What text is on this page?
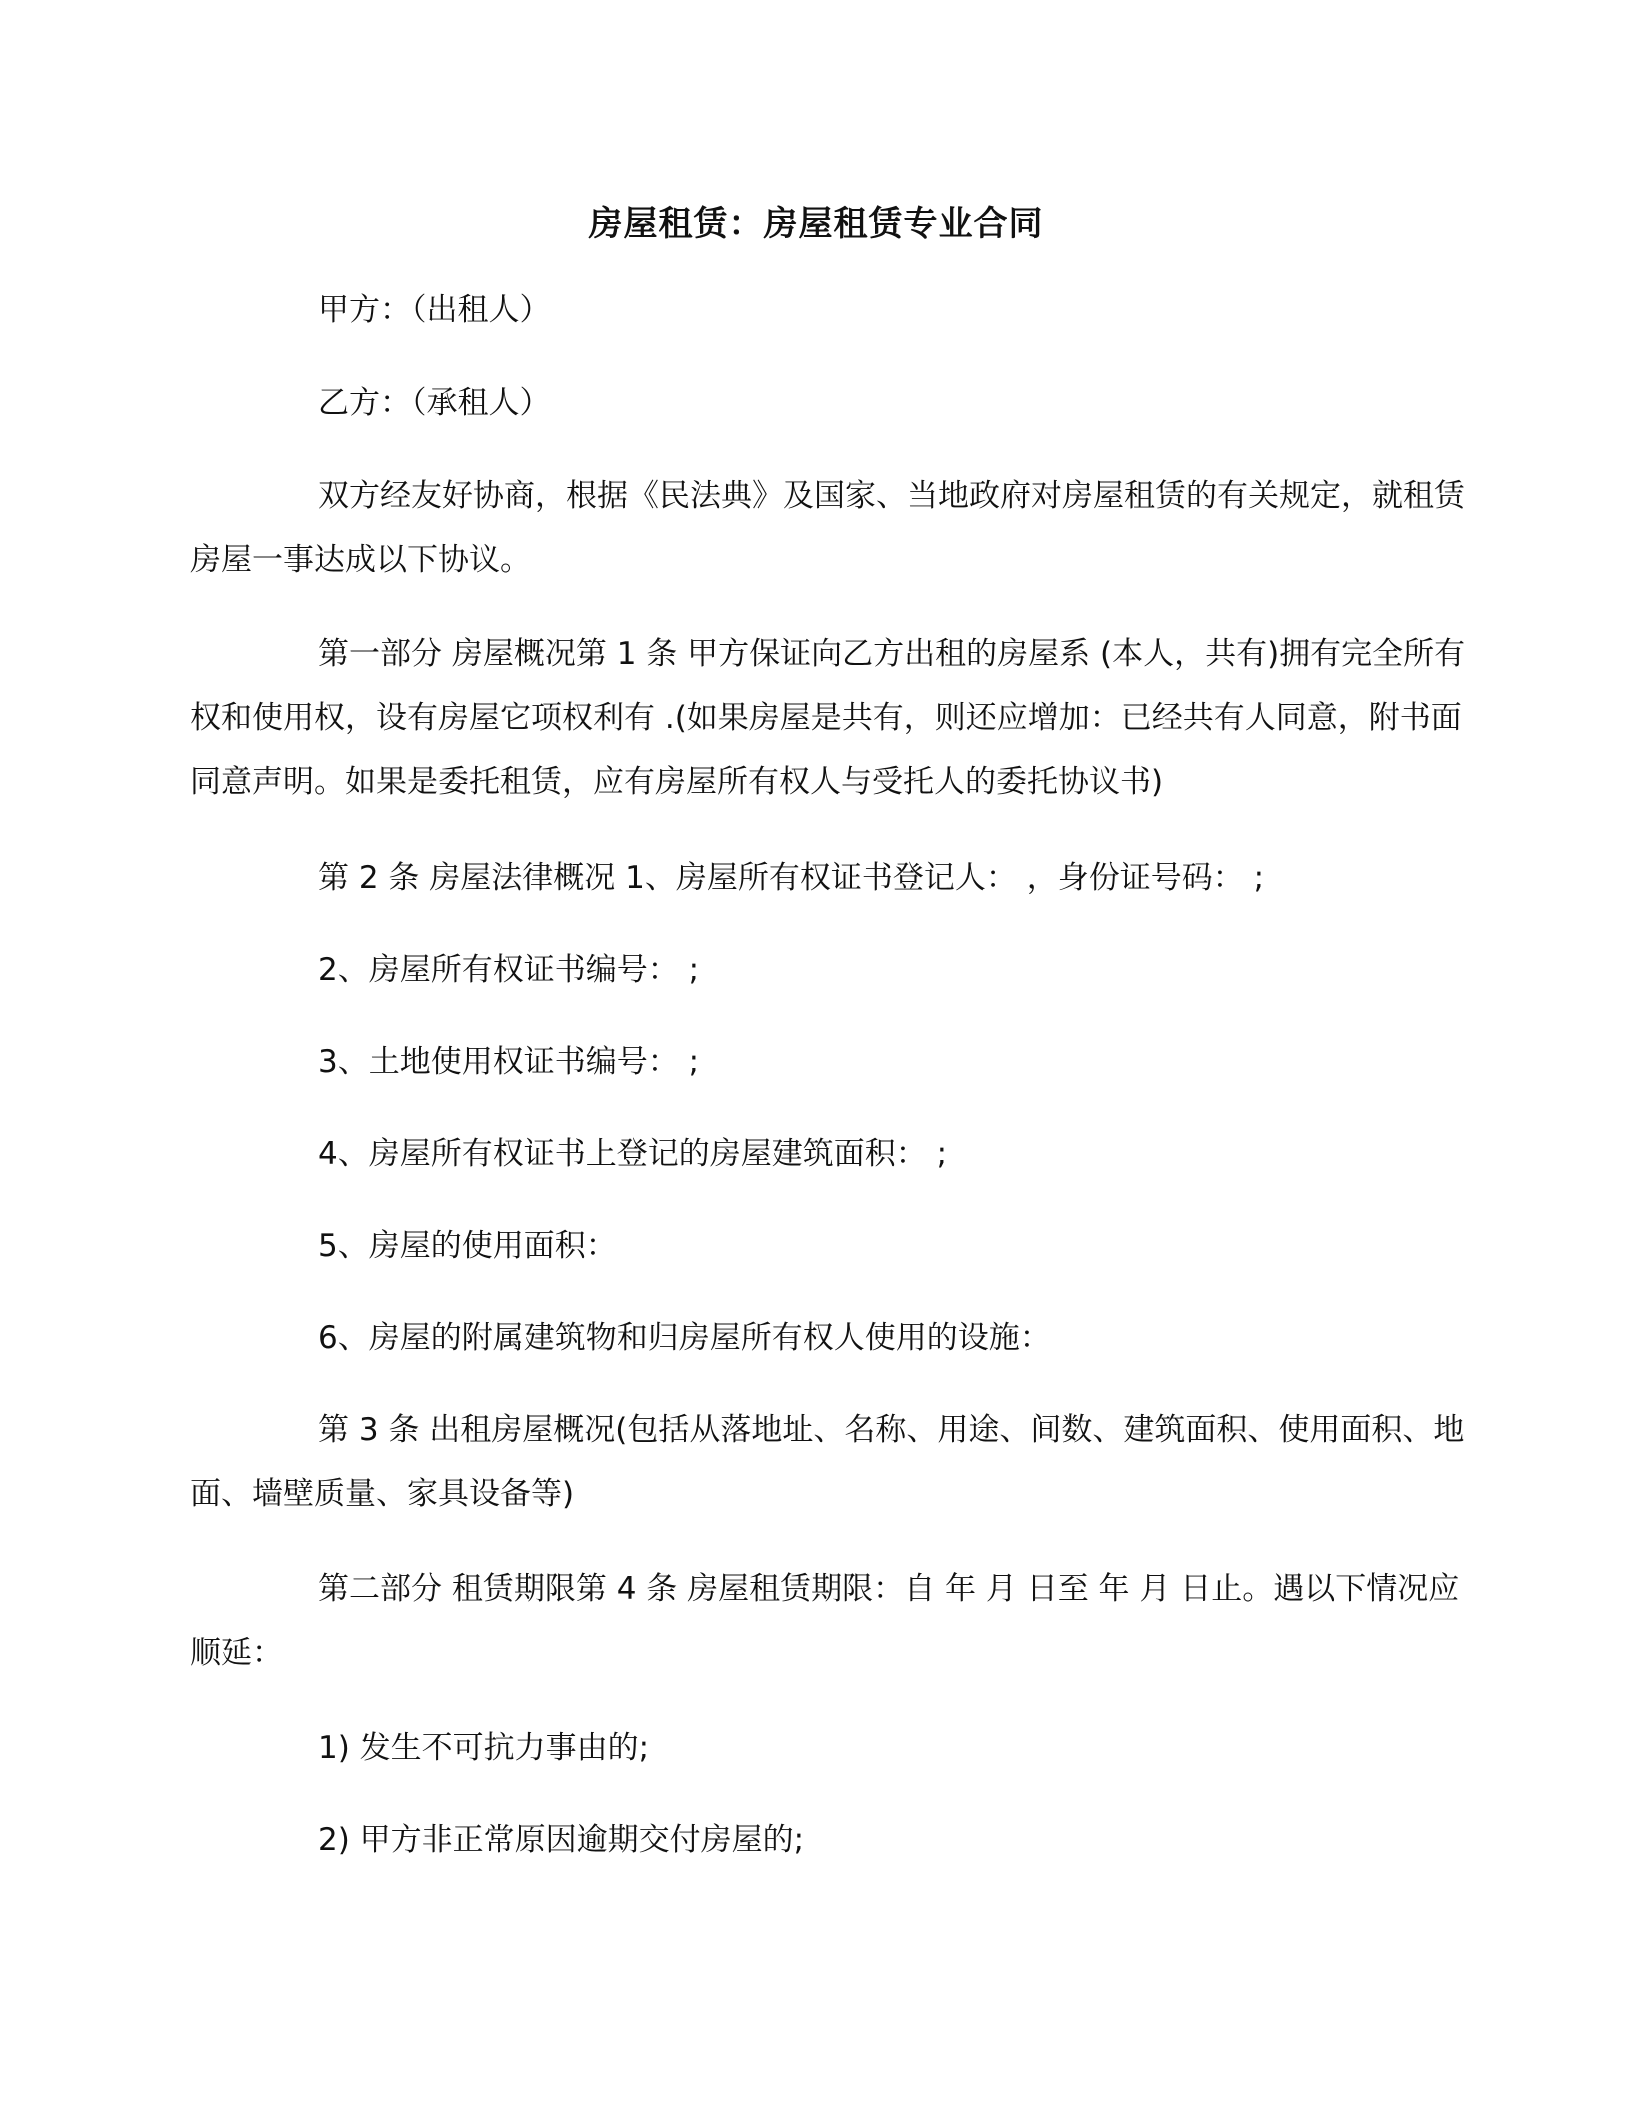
房屋租赁：房屋租赁专业合同

甲方：（出租人）

乙方：（承租人）

双方经友好协商，根据《民法典》及国家、当地政府对房屋租赁的有关规定，就租赁房屋一事达成以下协议。

第一部分 房屋概况第 1 条 甲方保证向乙方出租的房屋系 (本人，共有)拥有完全所有权和使用权，设有房屋它项权利有 .(如果房屋是共有，则还应增加：已经共有人同意，附书面同意声明。如果是委托租赁，应有房屋所有权人与受托人的委托协议书)

第 2 条 房屋法律概况 1、房屋所有权证书登记人： ，身份证号码： ;

2、房屋所有权证书编号： ;

3、土地使用权证书编号： ;

4、房屋所有权证书上登记的房屋建筑面积： ;

5、房屋的使用面积：

6、房屋的附属建筑物和归房屋所有权人使用的设施：

第 3 条 出租房屋概况(包括从落地址、名称、用途、间数、建筑面积、使用面积、地面、墙壁质量、家具设备等)

第二部分 租赁期限第 4 条 房屋租赁期限：自 年 月 日至 年 月 日止。遇以下情况应顺延：

1) 发生不可抗力事由的;

2) 甲方非正常原因逾期交付房屋的;
